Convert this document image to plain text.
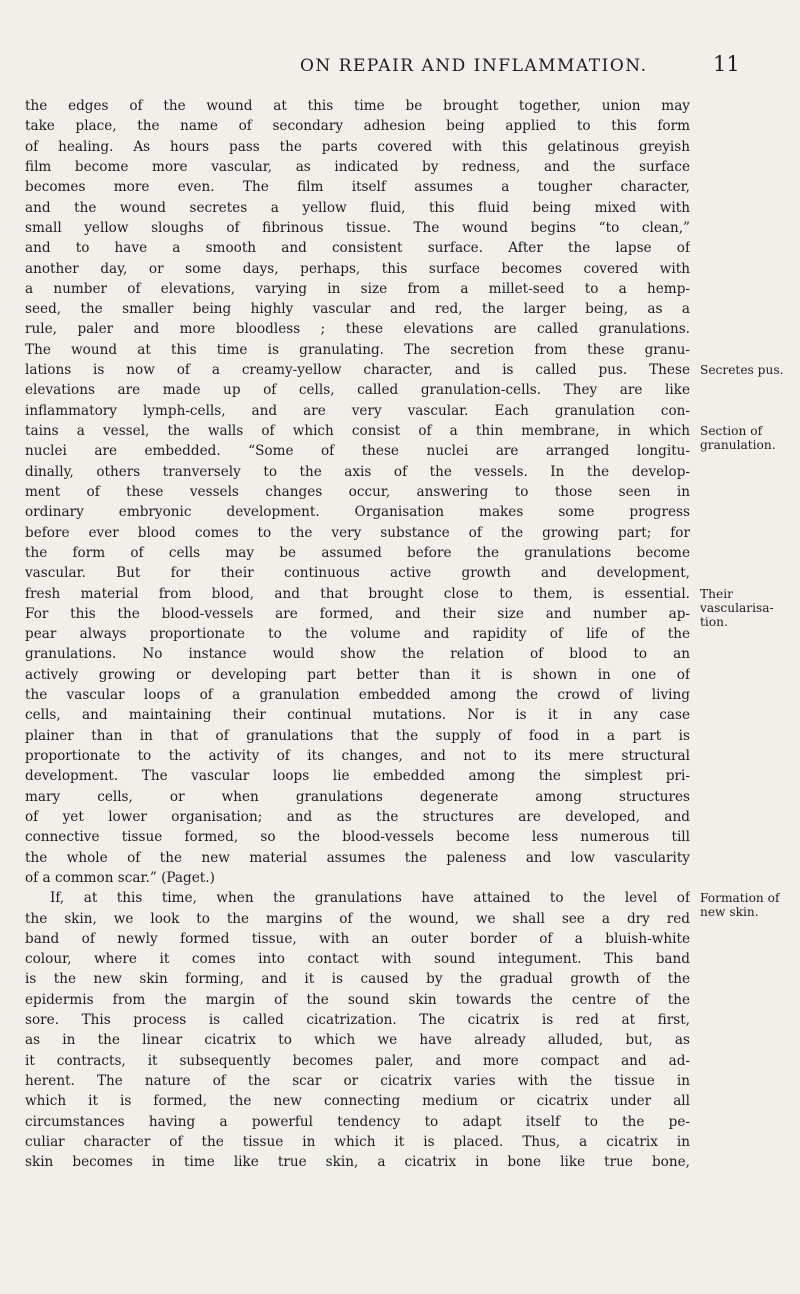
ON REPAIR AND INFLAMMATION.	11
the edges of the wound at this time be brought together, union may
take place, the name of secondary adhesion being applied to this form
of healing. As hours pass the parts covered with this gelatinous greyish
film become more vascular, as indicated by redness, and the surface
becomes more even. The film itself assumes a tougher character,
and the wound secretes a yellow fluid, this fluid being mixed with
small yellow sloughs of fibrinous tissue. The wound begins “to clean,”
and to have a smooth and consistent surface. After the lapse of
another day, or some days, perhaps, this surface becomes covered with
a number of elevations, varying in size from a millet-seed to a hemp-
seed, the smaller being highly vascular and red, the larger being, as a
rule, paler and more bloodless ; these elevations are called granulations.
The wound at this time is granulating. The secretion from these granu-
lations is now of a creamy-yellow character, and is called pus. These
elevations are made up of cells, called granulation-cells. They are like
inflammatory lymph-cells, and are very vascular. Each granulation con-
tains a vessel, the walls of which consist of a thin membrane, in which
nuclei are embedded. “Some of these nuclei are arranged longitu-
dinally, others tranversely to the axis of the vessels. In the develop-
ment of these vessels changes occur, answering to those seen in
ordinary embryonic development. Organisation makes some progress
before ever blood comes to the very substance of the growing part; for
the form of cells may be assumed before the granulations become
vascular. But for their continuous active growth and development,
fresh material from blood, and that brought close to them, is essential.
For this the blood-vessels are formed, and their size and number ap-
pear always proportionate to the volume and rapidity of life of the
granulations. No instance would show the relation of blood to an
actively growing or developing part better than it is shown in one of
the vascular loops of a granulation embedded among the crowd of living
cells, and maintaining their continual mutations. Nor is it in any case
plainer than in that of granulations that the supply of food in a part is
proportionate to the activity of its changes, and not to its mere structural
development. The vascular loops lie embedded among the simplest pri-
mary cells, or when granulations degenerate among structures
of yet lower organisation; and as the structures are developed, and
connective tissue formed, so the blood-vessels become less numerous till
the whole of the new material assumes the paleness and low vascularity
of a common scar.” (Paget.)
If, at this time, when the granulations have attained to the level of
the skin, we look to the margins of the wound, we shall see a dry red
band of newly formed tissue, with an outer border of a bluish-white
colour, where it comes into contact with sound integument. This band
is the new skin forming, and it is caused by the gradual growth of the
epidermis from the margin of the sound skin towards the centre of the
sore. This process is called cicatrization. The cicatrix is red at first,
as in the linear cicatrix to which we have already alluded, but, as
it contracts, it subsequently becomes paler, and more compact and ad-
herent. The nature of the scar or cicatrix varies with the tissue in
which it is formed, the new connecting medium or cicatrix under all
circumstances having a powerful tendency to adapt itself to the pe-
culiar character of the tissue in which it is placed. Thus, a cicatrix in
skin becomes in time like true skin, a cicatrix in bone like true bone,
Secretes pus.
Section of
granulation.
Their
vascularisa-
tion.
Formation of
new skin.
